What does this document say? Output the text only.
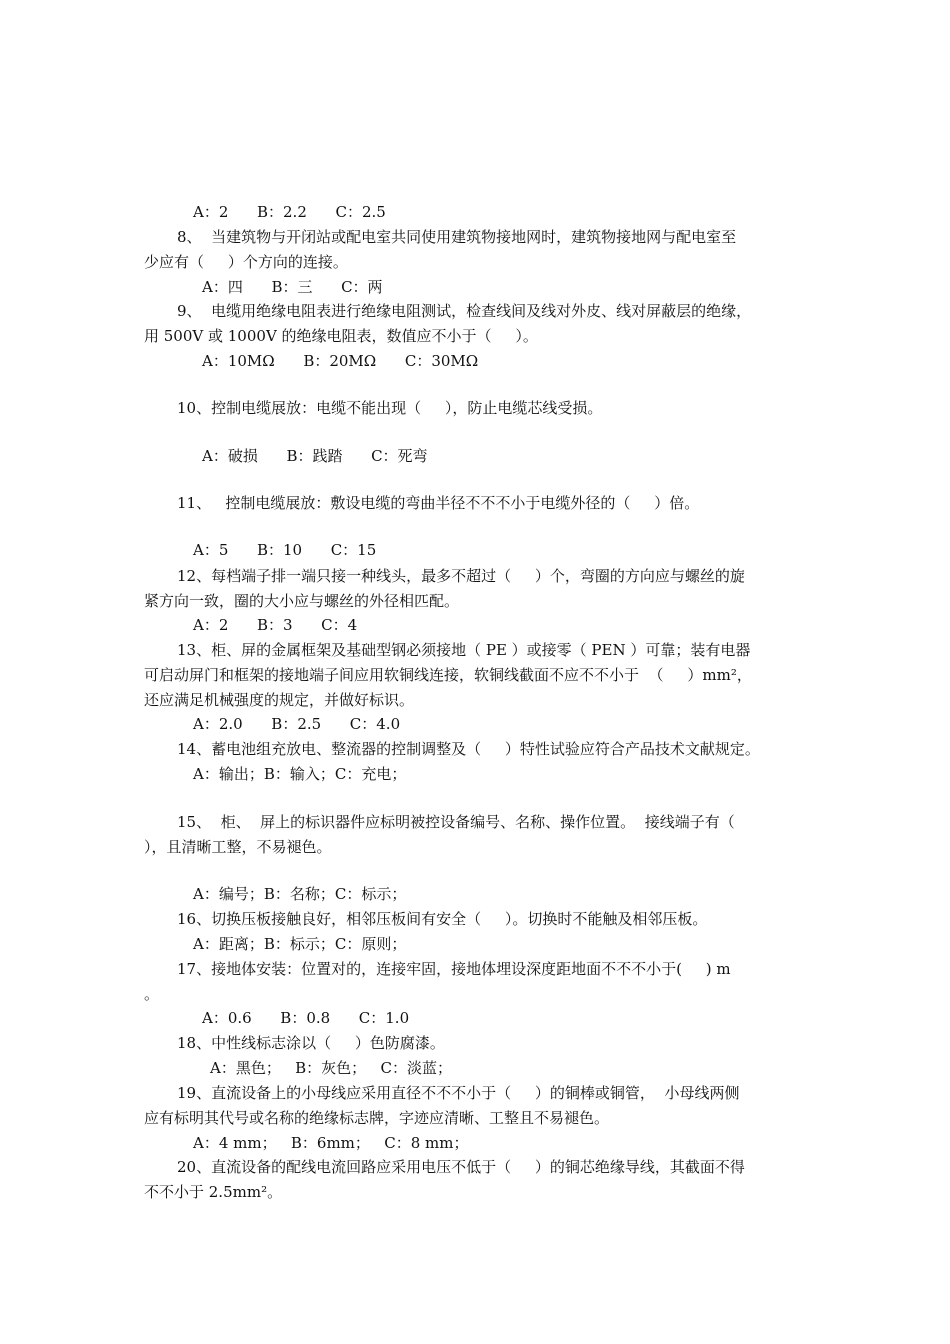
A：2      B：2.2      C：2.5
8、  当建筑物与开闭站或配电室共同使用建筑物接地网时，建筑物接地网与配电室至
少应有（     ）个方向的连接。
A：四      B：三      C：两
9、  电缆用绝缘电阻表进行绝缘电阻测试，检查线间及线对外皮、线对屏蔽层的绝缘，
用 500V 或 1000V 的绝缘电阻表，数值应不小于（     ）。
A：10MΩ      B：20MΩ      C：30MΩ
10、控制电缆展放：电缆不能出现（     ），防止电缆芯线受损。
A：破损      B：践踏      C：死弯
11、   控制电缆展放：敷设电缆的弯曲半径不不不小于电缆外径的（     ）倍。
A：5      B：10      C：15
12、每档端子排一端只接一种线头，最多不超过（     ）个，弯圈的方向应与螺丝的旋
紧方向一致，圈的大小应与螺丝的外径相匹配。
A：2      B：3      C：4
13、柜、屏的金属框架及基础型钢必须接地（ PE ）或接零（ PEN ）可靠；装有电器
可启动屏门和框架的接地端子间应用软铜线连接，软铜线截面不应不不小于  （     ）mm²，
还应满足机械强度的规定，并做好标识。
A：2.0      B：2.5      C：4.0
14、蓄电池组充放电、整流器的控制调整及（     ）特性试验应符合产品技术文献规定。
A：输出；B：输入；C：充电；
15、  柜、  屏上的标识器件应标明被控设备编号、名称、操作位置。  接线端子有（
），且清晰工整，不易褪色。
A：编号；B：名称；C：标示；
16、切换压板接触良好，相邻压板间有安全（     ）。切换时不能触及相邻压板。
A：距离；B：标示；C：原则；
17、接地体安装：位置对的，连接牢固，接地体埋设深度距地面不不不小于(     ) m
。
A：0.6      B：0.8      C：1.0
18、中性线标志涂以（     ）色防腐漆。
A：黑色；   B：灰色；   C：淡蓝；
19、直流设备上的小母线应采用直径不不不小于（     ）的铜棒或铜管，  小母线两侧
应有标明其代号或名称的绝缘标志牌，字迹应清晰、工整且不易褪色。
A：4 mm；   B：6mm；   C：8 mm；
20、直流设备的配线电流回路应采用电压不低于（     ）的铜芯绝缘导线，其截面不得
不不小于 2.5mm²。
